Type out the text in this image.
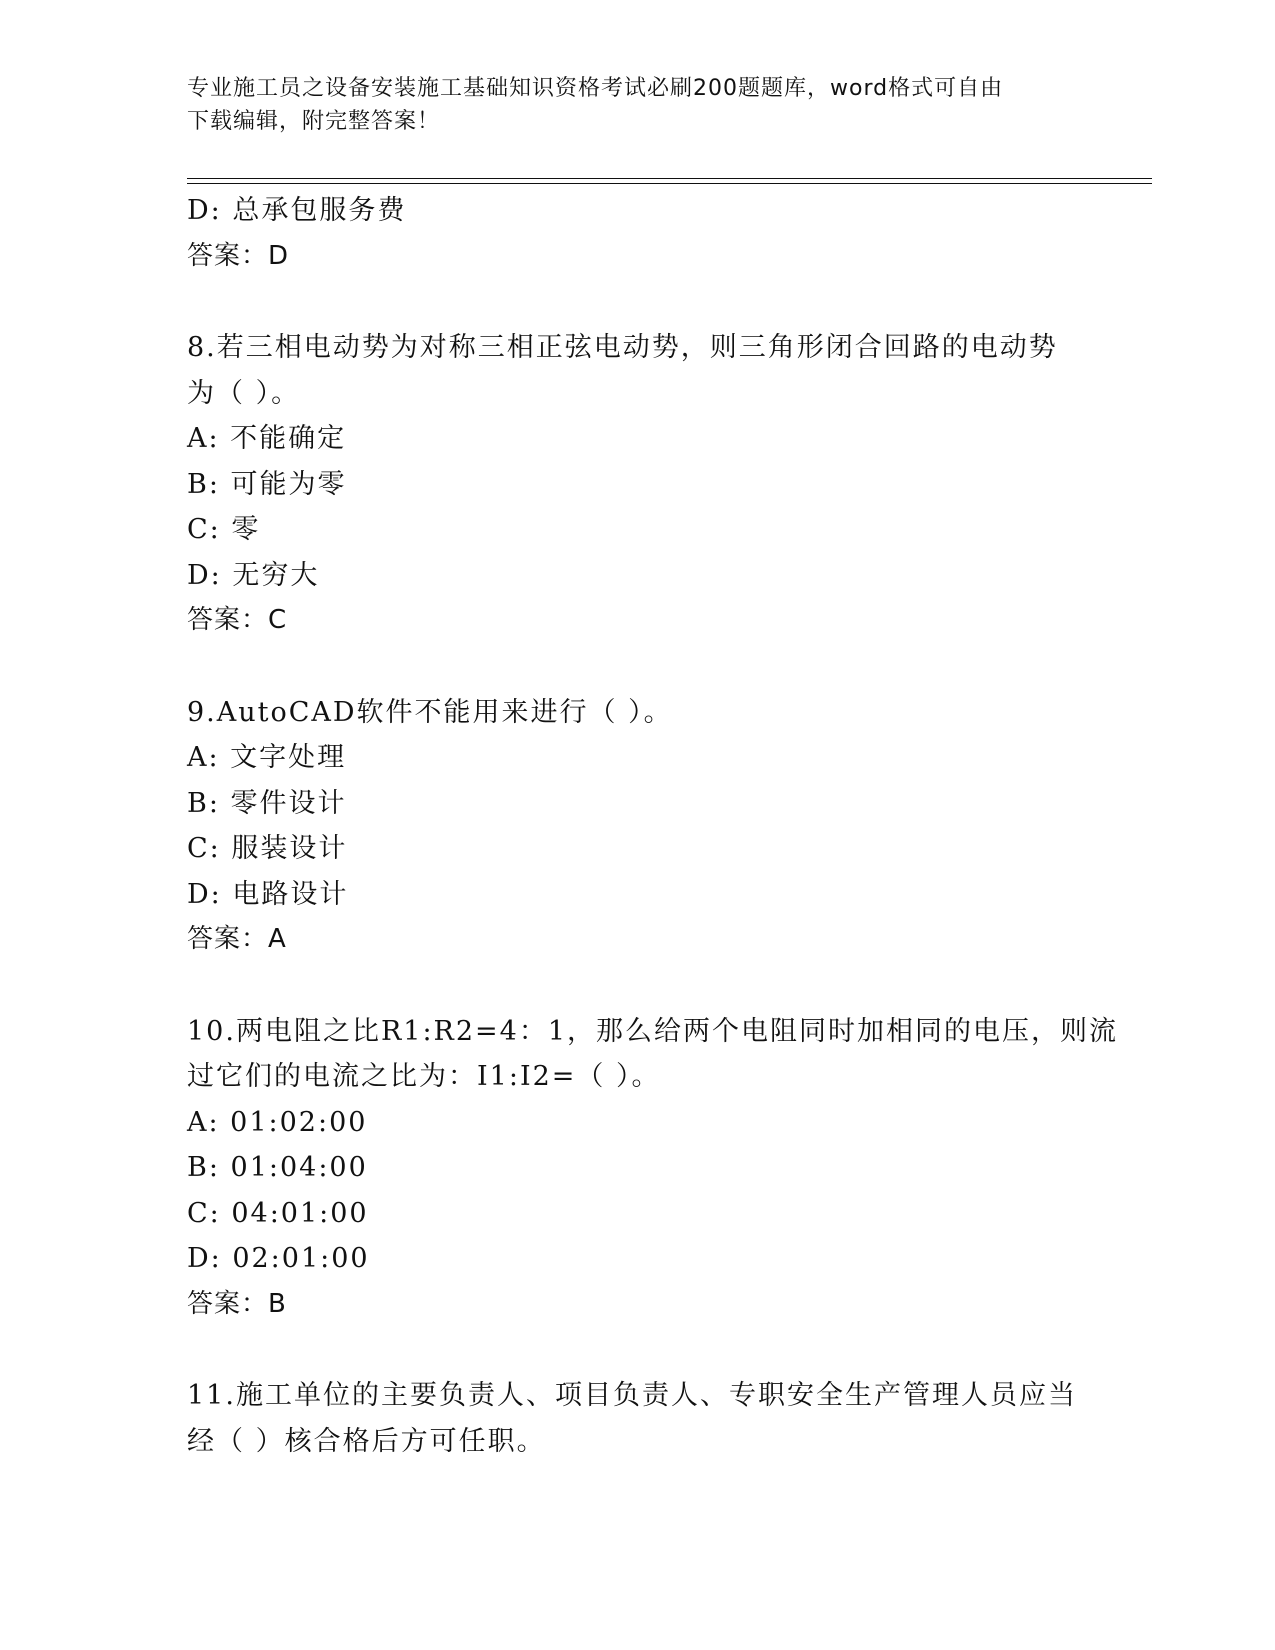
专业施工员之设备安装施工基础知识资格考试必刷200题题库，word格式可自由
下载编辑，附完整答案！
D: 总承包服务费
答案：D
8.若三相电动势为对称三相正弦电动势，则三角形闭合回路的电动势
为（ ）。
A: 不能确定
B: 可能为零
C: 零
D: 无穷大
答案：C
9.AutoCAD软件不能用来进行（ ）。
A: 文字处理
B: 零件设计
C: 服装设计
D: 电路设计
答案：A
10.两电阻之比R1:R2=4：1，那么给两个电阻同时加相同的电压，则流
过它们的电流之比为：I1:I2=（ ）。
A: 01:02:00
B: 01:04:00
C: 04:01:00
D: 02:01:00
答案：B
11.施工单位的主要负责人、项目负责人、专职安全生产管理人员应当
经（ ）核合格后方可任职。
